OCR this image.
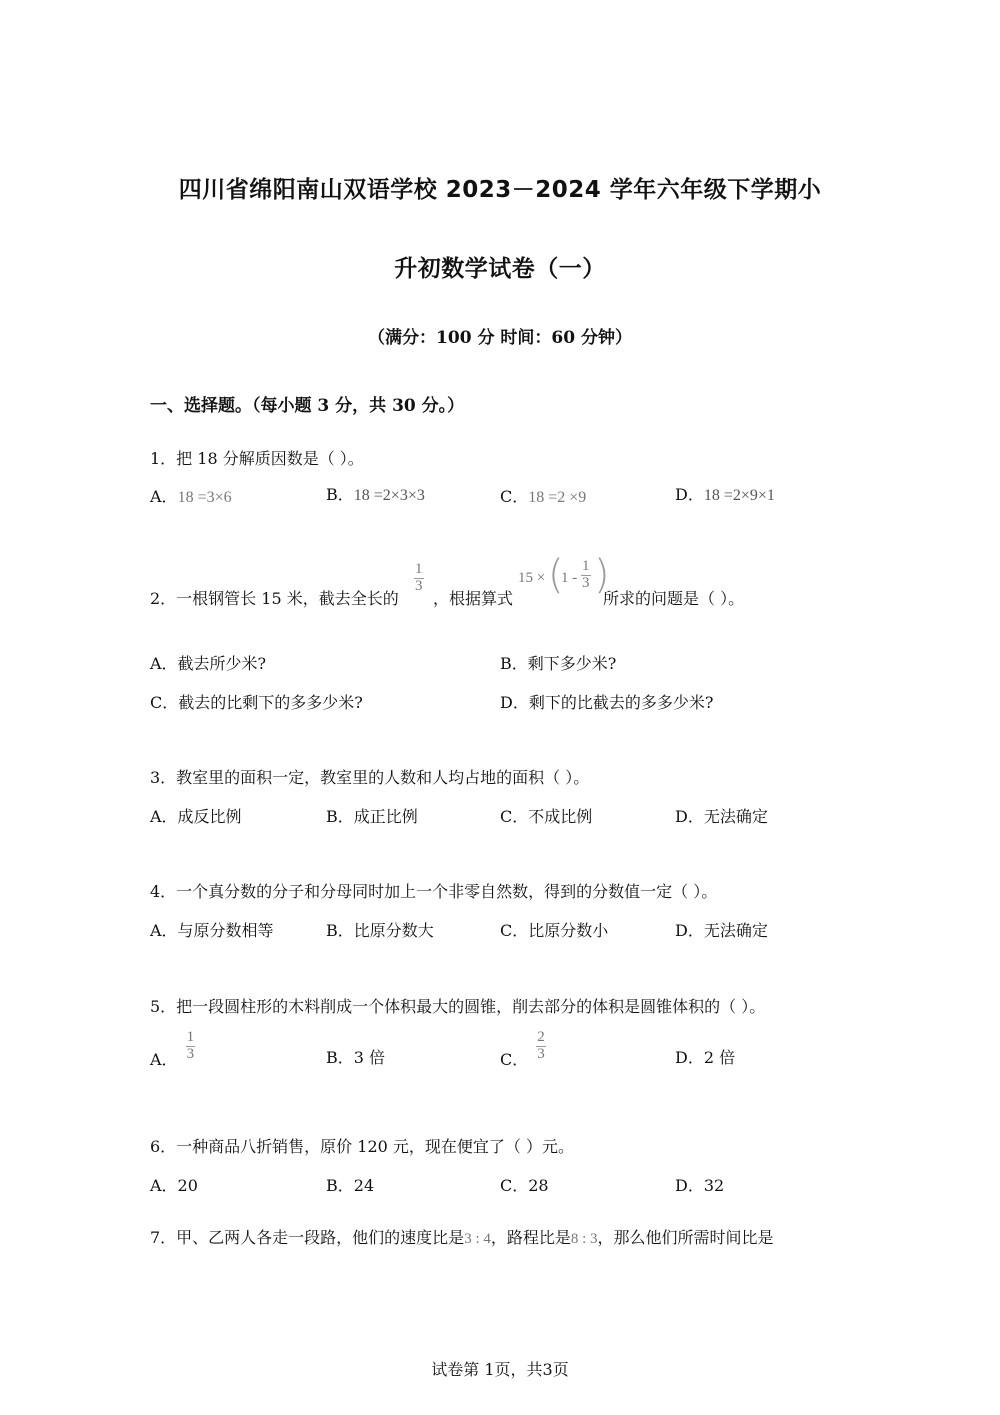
四川省绵阳南山双语学校 2023－2024 学年六年级下学期小
升初数学试卷（一）
（满分：100 分 时间：60 分钟）
一、选择题。（每小题 3 分，共 30 分。）
1．把 18 分解质因数是（ ）。
A．18 =3×6	B．18 =2×3×3	C．18 =2 ×9	D．18 =2×9×1
2．一根钢管长 15 米，截去全长的
$\frac{1}{3}$
，根据算式
15 × (
$1 - \frac{1}{3}$ )
所求的问题是（ ）。
A．截去所少米?	B．剩下多少米?
C．截去的比剩下的多多少米?	D．剩下的比截去的多多少米?
3．教室里的面积一定，教室里的人数和人均占地的面积（ ）。
A．成反比例	B．成正比例	C．不成比例	D．无法确定
4．一个真分数的分子和分母同时加上一个非零自然数，得到的分数值一定（ ）。
A．与原分数相等	B．比原分数大	C．比原分数小	D．无法确定
5．把一段圆柱形的木料削成一个体积最大的圆锥，削去部分的体积是圆锥体积的（ ）。
A． $\frac{1}{3}$	B．3 倍	C． $\frac{2}{3}$	D．2 倍
6．一种商品八折销售，原价 120 元，现在便宜了（ ）元。
A．20	B．24	C．28	D．32
7．甲、乙两人各走一段路，他们的速度比是3 : 4，路程比是8 : 3，那么他们所需时间比是
试卷第 1页，共3页
